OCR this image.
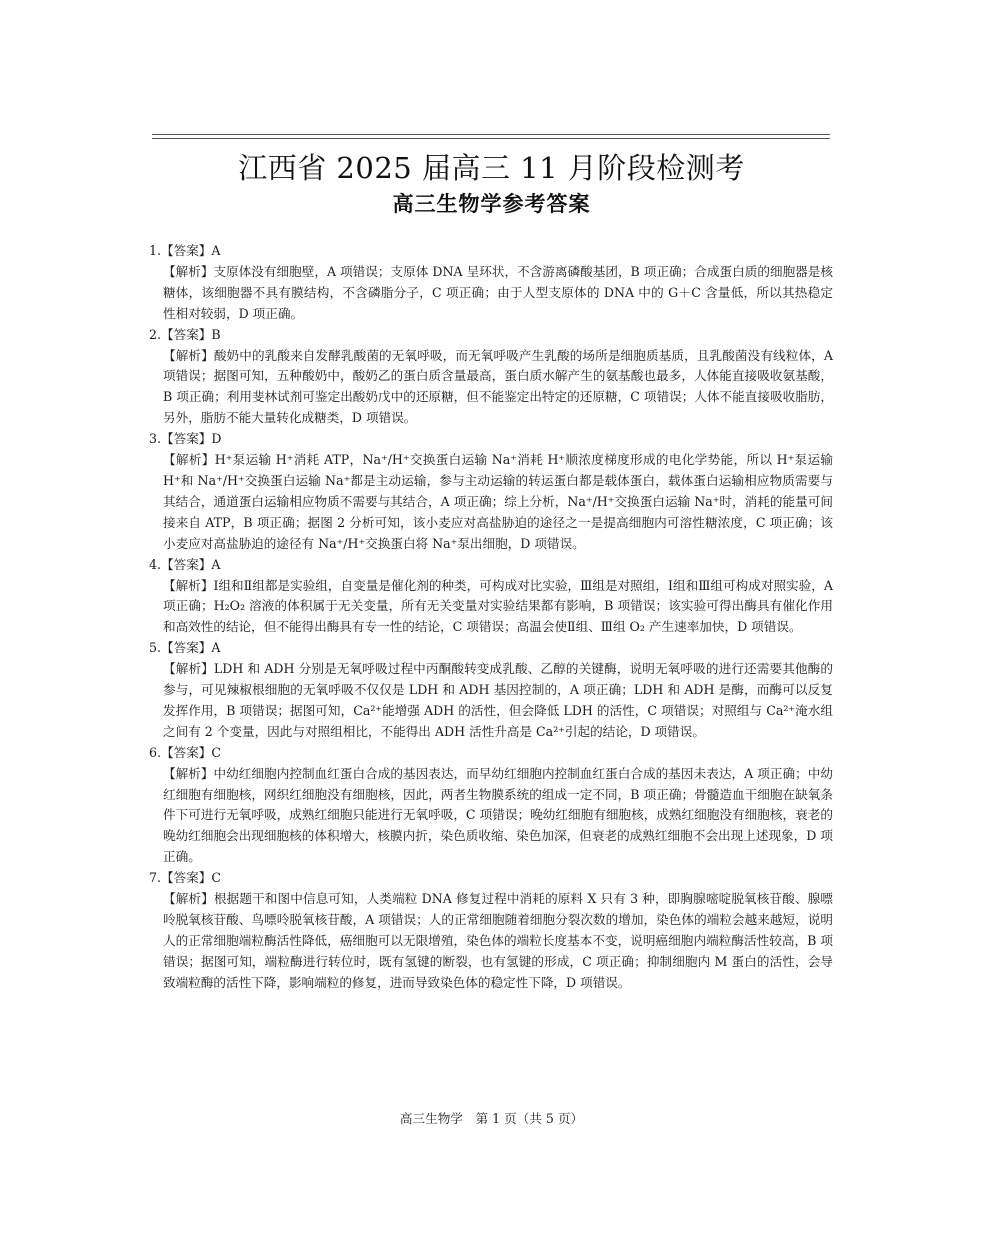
江西省 2025 届高三 11 月阶段检测考
高三生物学参考答案

1.【答案】A

【解析】支原体没有细胞壁，A 项错误；支原体 DNA 呈环状，不含游离磷酸基团，B 项正确；合成蛋白质的细胞器是核糖体，该细胞器不具有膜结构，不含磷脂分子，C 项正确；由于人型支原体的 DNA 中的 G＋C 含量低，所以其热稳定性相对较弱，D 项正确。

2.【答案】B

【解析】酸奶中的乳酸来自发酵乳酸菌的无氧呼吸，而无氧呼吸产生乳酸的场所是细胞质基质，且乳酸菌没有线粒体，A 项错误；据图可知，五种酸奶中，酸奶乙的蛋白质含量最高，蛋白质水解产生的氨基酸也最多，人体能直接吸收氨基酸，B 项正确；利用斐林试剂可鉴定出酸奶戊中的还原糖，但不能鉴定出特定的还原糖，C 项错误；人体不能直接吸收脂肪，另外，脂肪不能大量转化成糖类，D 项错误。

3.【答案】D

【解析】H⁺泵运输 H⁺消耗 ATP，Na⁺/H⁺交换蛋白运输 Na⁺消耗 H⁺顺浓度梯度形成的电化学势能，所以 H⁺泵运输 H⁺和 Na⁺/H⁺交换蛋白运输 Na⁺都是主动运输，参与主动运输的转运蛋白都是载体蛋白，载体蛋白运输相应物质需要与其结合，通道蛋白运输相应物质不需要与其结合，A 项正确；综上分析，Na⁺/H⁺交换蛋白运输 Na⁺时，消耗的能量可间接来自 ATP，B 项正确；据图 2 分析可知，该小麦应对高盐胁迫的途径之一是提高细胞内可溶性糖浓度，C 项正确；该小麦应对高盐胁迫的途径有 Na⁺/H⁺交换蛋白将 Na⁺泵出细胞，D 项错误。

4.【答案】A

【解析】Ⅰ组和Ⅱ组都是实验组，自变量是催化剂的种类，可构成对比实验，Ⅲ组是对照组，Ⅰ组和Ⅲ组可构成对照实验，A 项正确；H₂O₂ 溶液的体积属于无关变量，所有无关变量对实验结果都有影响，B 项错误；该实验可得出酶具有催化作用和高效性的结论，但不能得出酶具有专一性的结论，C 项错误；高温会使Ⅱ组、Ⅲ组 O₂ 产生速率加快，D 项错误。

5.【答案】A

【解析】LDH 和 ADH 分别是无氧呼吸过程中丙酮酸转变成乳酸、乙醇的关键酶，说明无氧呼吸的进行还需要其他酶的参与，可见辣椒根细胞的无氧呼吸不仅仅是 LDH 和 ADH 基因控制的，A 项正确；LDH 和 ADH 是酶，而酶可以反复发挥作用，B 项错误；据图可知，Ca²⁺能增强 ADH 的活性，但会降低 LDH 的活性，C 项错误；对照组与 Ca²⁺淹水组之间有 2 个变量，因此与对照组相比，不能得出 ADH 活性升高是 Ca²⁺引起的结论，D 项错误。

6.【答案】C

【解析】中幼红细胞内控制血红蛋白合成的基因表达，而早幼红细胞内控制血红蛋白合成的基因未表达，A 项正确；中幼红细胞有细胞核，网织红细胞没有细胞核，因此，两者生物膜系统的组成一定不同，B 项正确；骨髓造血干细胞在缺氧条件下可进行无氧呼吸，成熟红细胞只能进行无氧呼吸，C 项错误；晚幼红细胞有细胞核，成熟红细胞没有细胞核，衰老的晚幼红细胞会出现细胞核的体积增大，核膜内折，染色质收缩、染色加深，但衰老的成熟红细胞不会出现上述现象，D 项正确。

7.【答案】C

【解析】根据题干和图中信息可知，人类端粒 DNA 修复过程中消耗的原料 X 只有 3 种，即胸腺嘧啶脱氧核苷酸、腺嘌呤脱氧核苷酸、鸟嘌呤脱氧核苷酸，A 项错误；人的正常细胞随着细胞分裂次数的增加，染色体的端粒会越来越短，说明人的正常细胞端粒酶活性降低，癌细胞可以无限增殖，染色体的端粒长度基本不变，说明癌细胞内端粒酶活性较高，B 项错误；据图可知，端粒酶进行转位时，既有氢键的断裂，也有氢键的形成，C 项正确；抑制细胞内 M 蛋白的活性，会导致端粒酶的活性下降，影响端粒的修复，进而导致染色体的稳定性下降，D 项错误。

高三生物学　第 1 页（共 5 页）
